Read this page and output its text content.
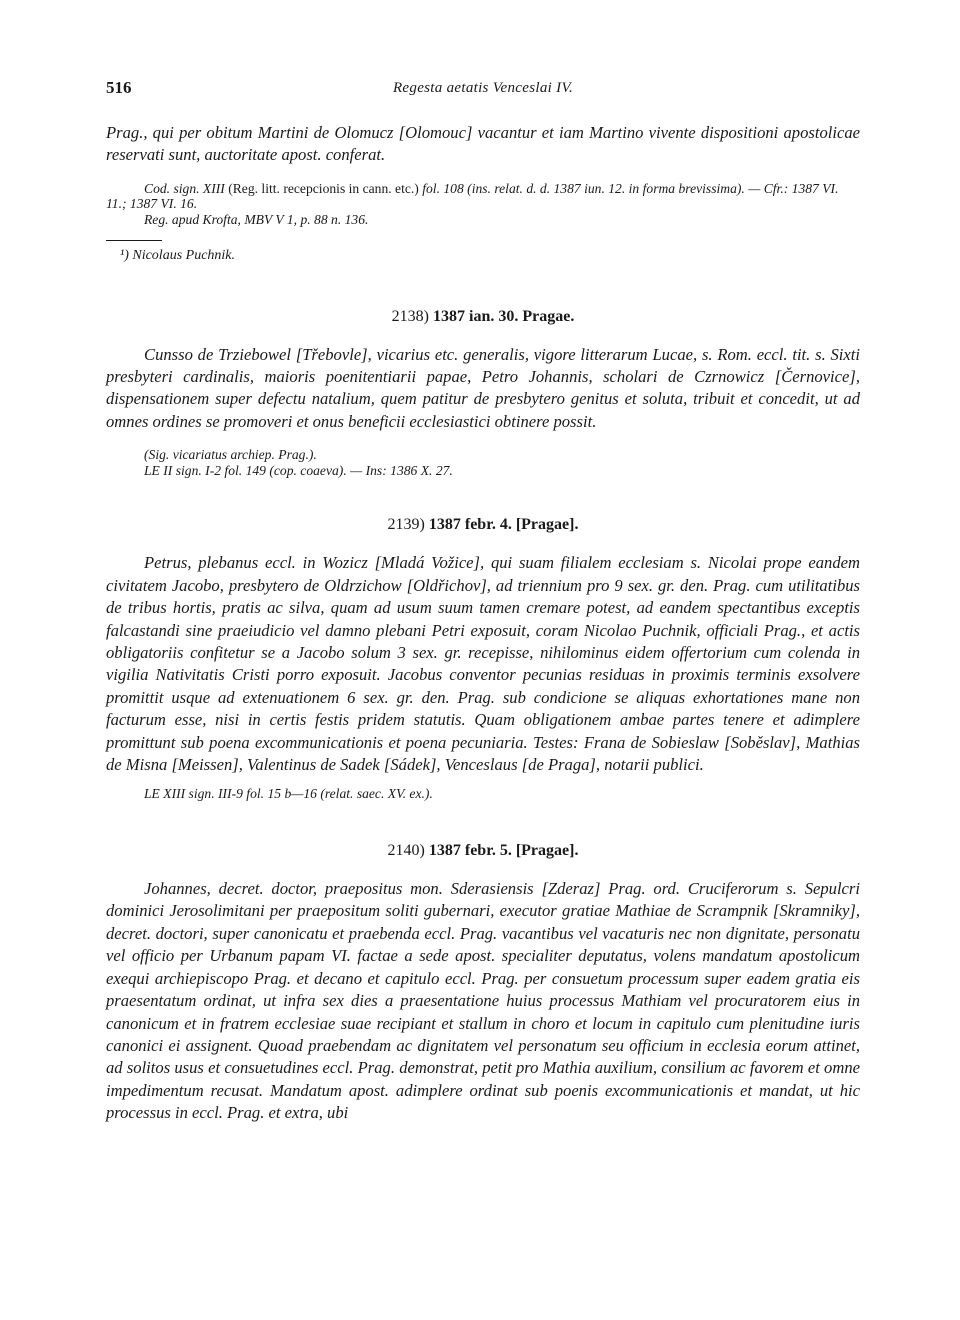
516	Regesta aetatis Venceslai IV.

Prag., qui per obitum Martini de Olomucz [Olomouc] vacantur et iam Martino vivente dispositioni apostolicae reservati sunt, auctoritate apost. conferat.

Cod. sign. XIII (Reg. litt. recepcionis in cann. etc.) fol. 108 (ins. relat. d. d. 1387 iun. 12. in forma brevissima). — Cfr.: 1387 VI. 11.; 1387 VI. 16.

Reg. apud Krofta, MBV V 1, p. 88 n. 136.

¹) Nicolaus Puchnik.

2138) 1387 ian. 30. Pragae.

Cunsso de Trziebowel [Třebovle], vicarius etc. generalis, vigore litterarum Lucae, s. Rom. eccl. tit. s. Sixti presbyteri cardinalis, maioris poenitentiarii papae, Petro Johannis, scholari de Czrnowicz [Černovice], dispensationem super defectu natalium, quem patitur de presbytero genitus et soluta, tribuit et concedit, ut ad omnes ordines se promoveri et onus beneficii ecclesiastici obtinere possit.

(Sig. vicariatus archiep. Prag.).

LE II sign. I-2 fol. 149 (cop. coaeva). — Ins: 1386 X. 27.

2139) 1387 febr. 4. [Pragae].

Petrus, plebanus eccl. in Wozicz [Mladá Vožice], qui suam filialem ecclesiam s. Nicolai prope eandem civitatem Jacobo, presbytero de Oldrzichow [Oldřichov], ad triennium pro 9 sex. gr. den. Prag. cum utilitatibus de tribus hortis, pratis ac silva, quam ad usum suum tamen cremare potest, ad eandem spectantibus exceptis falcastandi sine praeiudicio vel damno plebani Petri exposuit, coram Nicolao Puchnik, officiali Prag., et actis obligatoriis confitetur se a Jacobo solum 3 sex. gr. recepisse, nihilominus eidem offertorium cum colenda in vigilia Nativitatis Cristi porro exposuit. Jacobus conventor pecunias residuas in proximis terminis exsolvere promittit usque ad extenuationem 6 sex. gr. den. Prag. sub condicione se aliquas exhortationes mane non facturum esse, nisi in certis festis pridem statutis. Quam obligationem ambae partes tenere et adimplere promittunt sub poena excommunicationis et poena pecuniaria. Testes: Frana de Sobieslaw [Soběslav], Mathias de Misna [Meissen], Valentinus de Sadek [Sádek], Venceslaus [de Praga], notarii publici.

LE XIII sign. III-9 fol. 15 b—16 (relat. saec. XV. ex.).

2140) 1387 febr. 5. [Pragae].

Johannes, decret. doctor, praepositus mon. Sderasiensis [Zderaz] Prag. ord. Cruciferorum s. Sepulcri dominici Jerosolimitani per praepositum soliti gubernari, executor gratiae Mathiae de Scrampnik [Skramniky], decret. doctori, super canonicatu et praebenda eccl. Prag. vacantibus vel vacaturis nec non dignitate, personatu vel officio per Urbanum papam VI. factae a sede apost. specialiter deputatus, volens mandatum apostolicum exequi archiepiscopo Prag. et decano et capitulo eccl. Prag. per consuetum processum super eadem gratia eis praesentatum ordinat, ut infra sex dies a praesentatione huius processus Mathiam vel procuratorem eius in canonicum et in fratrem ecclesiae suae recipiant et stallum in choro et locum in capitulo cum plenitudine iuris canonici ei assignent. Quoad praebendam ac dignitatem vel personatum seu officium in ecclesia eorum attinet, ad solitos usus et consuetudines eccl. Prag. demonstrat, petit pro Mathia auxilium, consilium ac favorem et omne impedimentum recusat. Mandatum apost. adimplere ordinat sub poenis excommunicationis et mandat, ut hic processus in eccl. Prag. et extra, ubi
